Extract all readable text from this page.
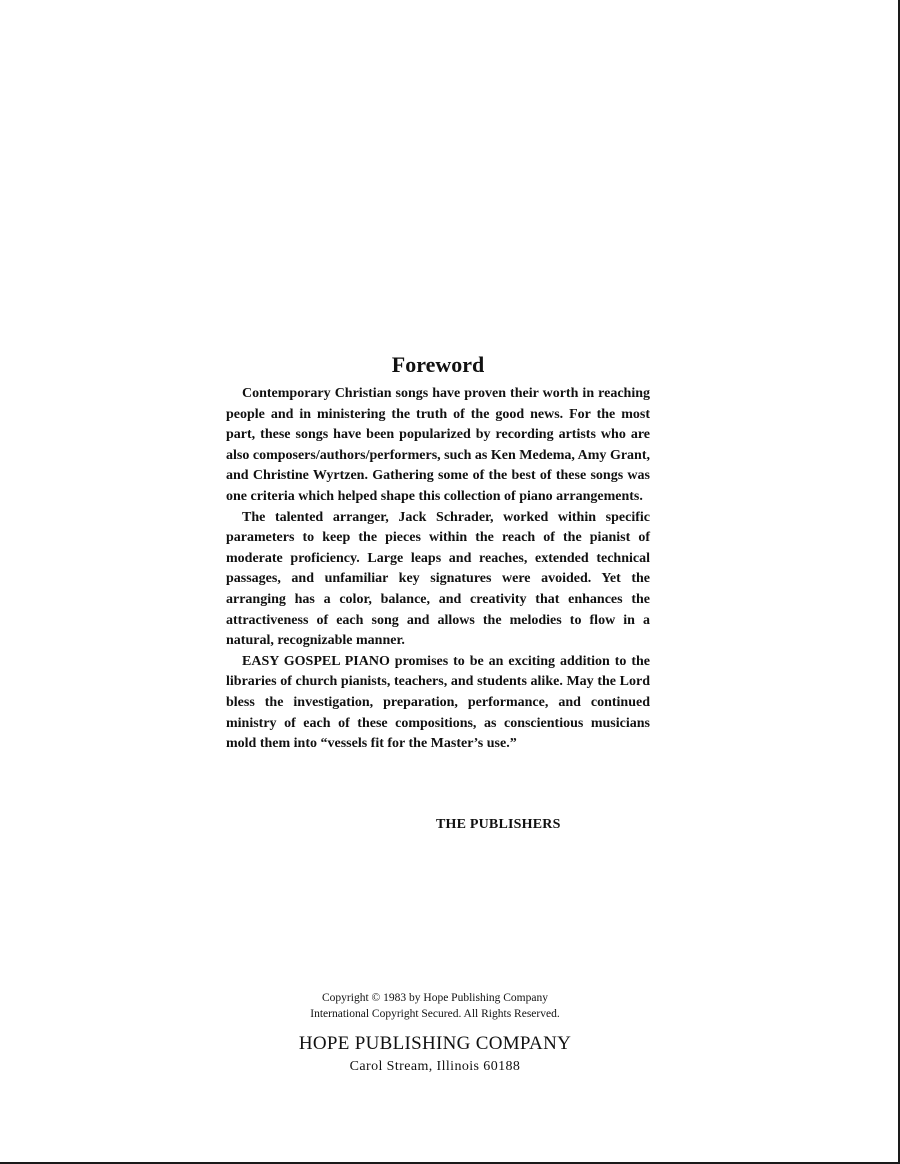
Foreword

Contemporary Christian songs have proven their worth in reaching people and in ministering the truth of the good news. For the most part, these songs have been popularized by recording artists who are also composers/authors/performers, such as Ken Medema, Amy Grant, and Christine Wyrtzen. Gathering some of the best of these songs was one criteria which helped shape this collection of piano arrangements.

The talented arranger, Jack Schrader, worked within specific parameters to keep the pieces within the reach of the pianist of moderate proficiency. Large leaps and reaches, extended technical passages, and unfamiliar key signatures were avoided. Yet the arranging has a color, balance, and creativity that enhances the attractiveness of each song and allows the melodies to flow in a natural, recognizable manner.

EASY GOSPEL PIANO promises to be an exciting addition to the libraries of church pianists, teachers, and students alike. May the Lord bless the investigation, preparation, performance, and continued ministry of each of these compositions, as conscientious musicians mold them into “vessels fit for the Master’s use.”

THE PUBLISHERS

Copyright © 1983 by Hope Publishing Company

International Copyright Secured. All Rights Reserved.

HOPE PUBLISHING COMPANY

Carol Stream, Illinois 60188
